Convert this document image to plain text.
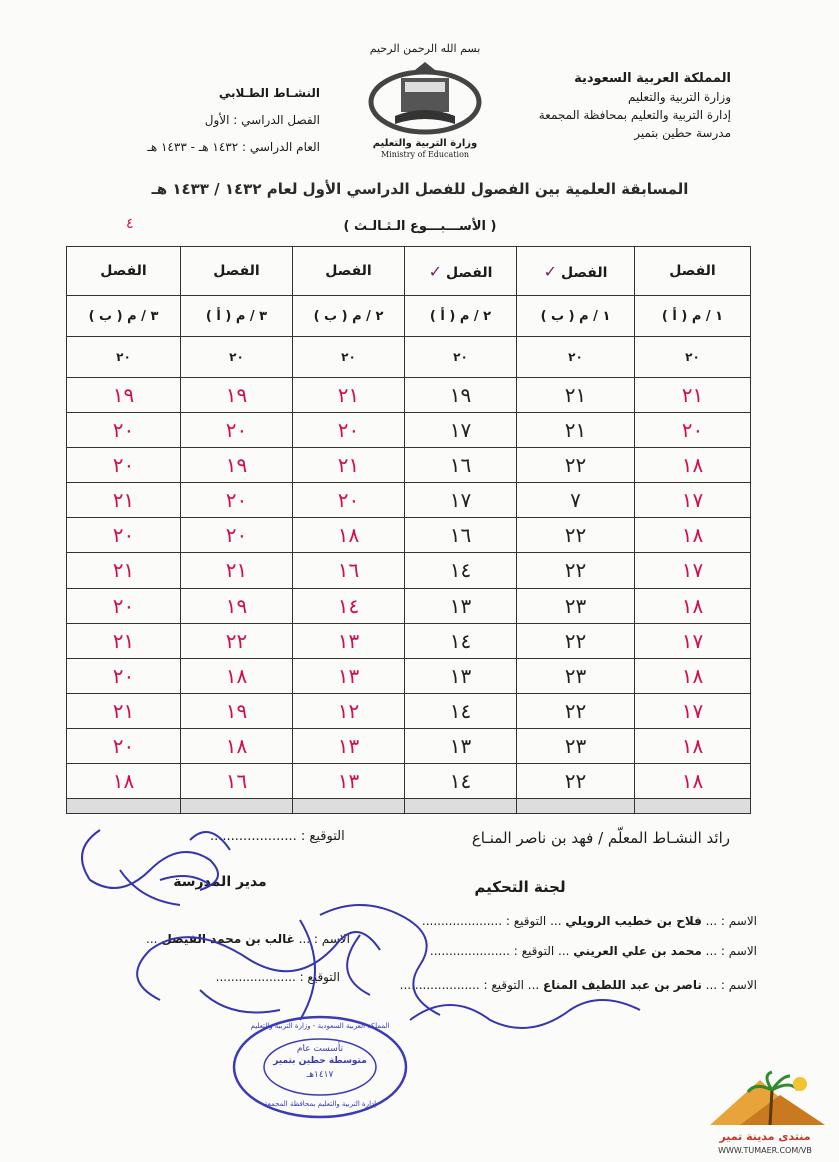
المملكة العربية السعودية
وزارة التربية والتعليم
إدارة التربية والتعليم بمحافظة المجمعة
مدرسة حطين بتمير
النشـاط الطـلابي
الفصل الدراسي : الأول
العام الدراسي : ١٤٣٢ هـ - ١٤٣٣ هـ
بسم الله الرحمن الرحيم
وزارة التربية والتعليم
Ministry of Education
المسابقة العلمية بين الفصول للفصل الدراسي الأول لعام ١٤٣٢ / ١٤٣٣ هـ
( الأســـبـــوع الـثـالـث )
٤
الفصل	الفصل✓	الفصل✓	الفصل	الفصل	الفصل
١ / م ( أ )	١ / م ( ب )	٢ / م ( أ )	٢ / م ( ب )	٣ / م ( أ )	٣ / م ( ب )
٢٠	٢٠	٢٠	٢٠	٢٠	٢٠
٢١	٢١	١٩	٢١	١٩	١٩
٢٠	٢١	١٧	٢٠	٢٠	٢٠
١٨	٢٢	١٦	٢١	١٩	٢٠
١٧	٧	١٧	٢٠	٢٠	٢١
١٨	٢٢	١٦	١٨	٢٠	٢٠
١٧	٢٢	١٤	١٦	٢١	٢١
١٨	٢٣	١٣	١٤	١٩	٢٠
١٧	٢٢	١٤	١٣	٢٢	٢١
١٨	٢٣	١٣	١٣	١٨	٢٠
١٧	٢٢	١٤	١٢	١٩	٢١
١٨	٢٣	١٣	١٣	١٨	٢٠
١٨	٢٢	١٤	١٣	١٦	١٨

رائد النشـاط المعلّم / فهد بن ناصر المنـاع
التوقيع : .....................
لجنة التحكيم
مدير المدرسة
الاسم : ... فلاح بن خطيب الرويلي ... التوقيع : .....................
الاسم : ... محمد بن علي العريني ... التوقيع : .....................
الاسم : ... ناصر بن عبد اللطيف المناع ... التوقيع : .....................
الاسم : ... غالب بن محمد الفيصل ...
التوقيع : .....................
المملكة العربية السعودية - وزارة التربية والتعليم
تأسست عام
متوسطة حطين بتمير
١٤١٧هـ
إدارة التربية والتعليم بمحافظة المجمعة
منتدى مدينة تمير
WWW.TUMAER.COM/VB
